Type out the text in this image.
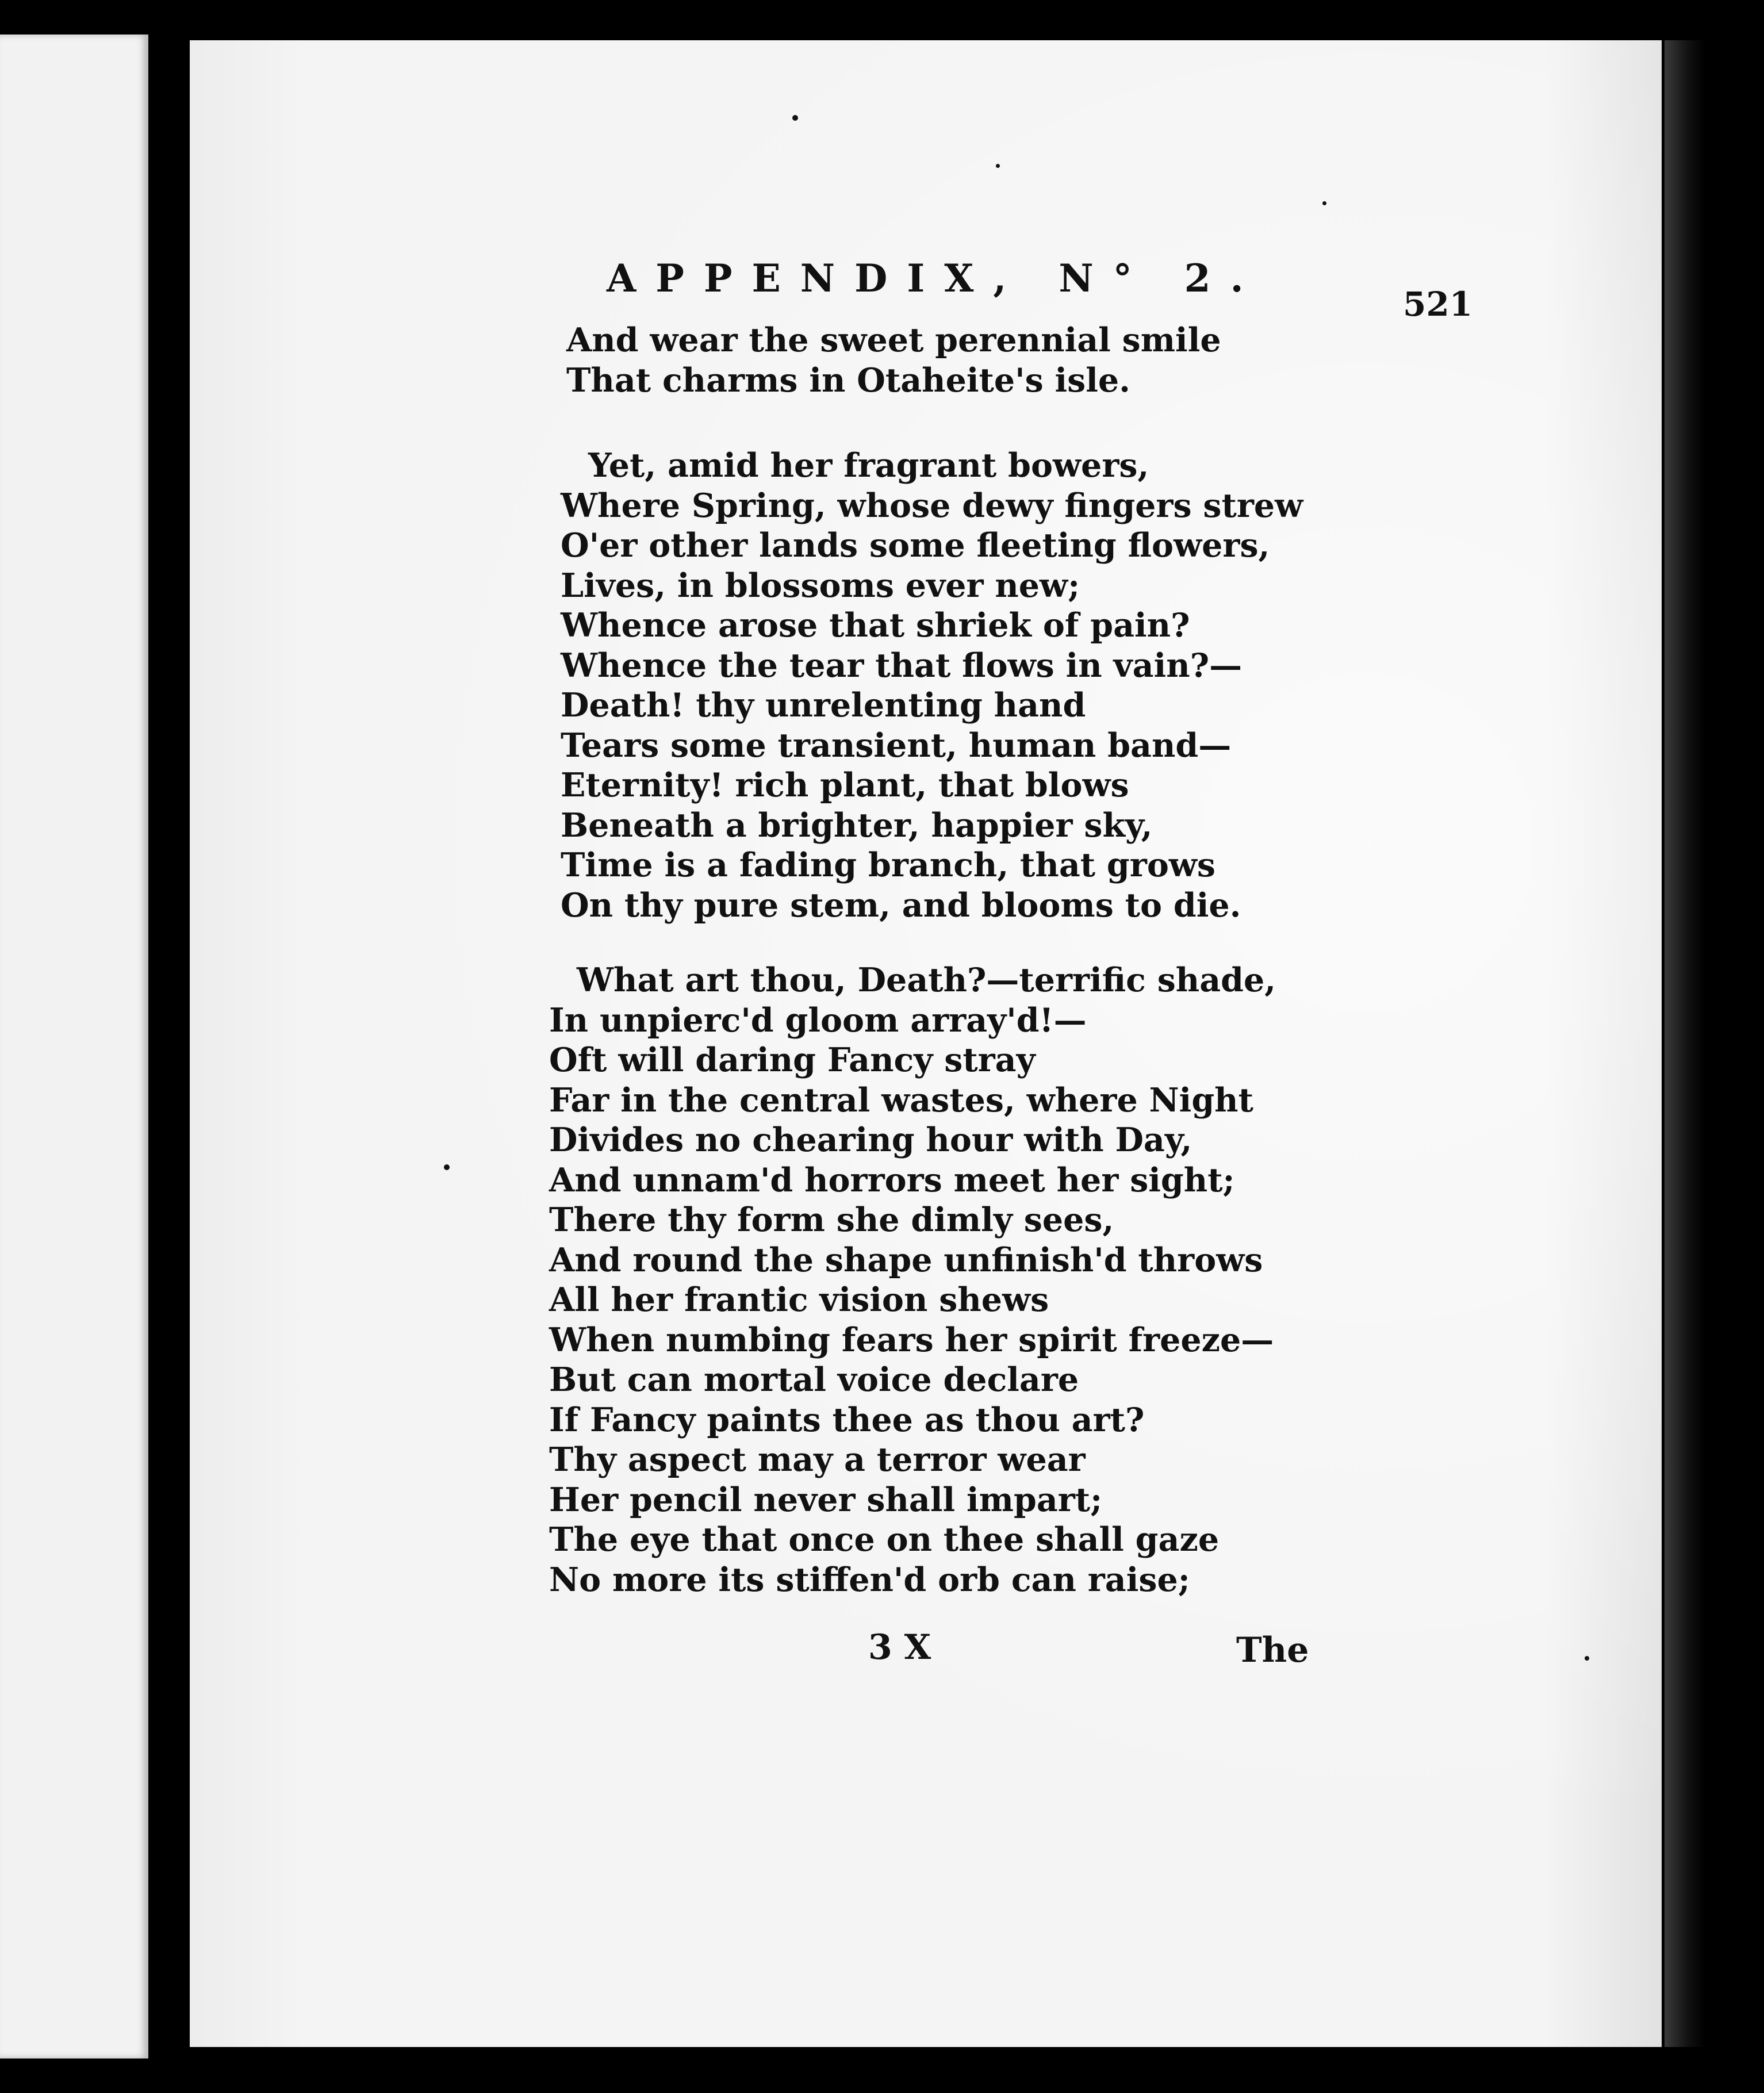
APPENDIX, N° 2.
521
And wear the sweet perennial smile
That charms in Otaheite's isle.
Yet, amid her fragrant bowers,
Where Spring, whose dewy fingers strew
O'er other lands some fleeting flowers,
Lives, in blossoms ever new;
Whence arose that shriek of pain?
Whence the tear that flows in vain?—
Death! thy unrelenting hand
Tears some transient, human band—
Eternity! rich plant, that blows
Beneath a brighter, happier sky,
Time is a fading branch, that grows
On thy pure stem, and blooms to die.
What art thou, Death?—terrific shade,
In unpierc'd gloom array'd!—
Oft will daring Fancy stray
Far in the central wastes, where Night
Divides no chearing hour with Day,
And unnam'd horrors meet her sight;
There thy form she dimly sees,
And round the shape unfinish'd throws
All her frantic vision shews
When numbing fears her spirit freeze—
But can mortal voice declare
If Fancy paints thee as thou art?
Thy aspect may a terror wear
Her pencil never shall impart;
The eye that once on thee shall gaze
No more its stiffen'd orb can raise;
3 X	The
